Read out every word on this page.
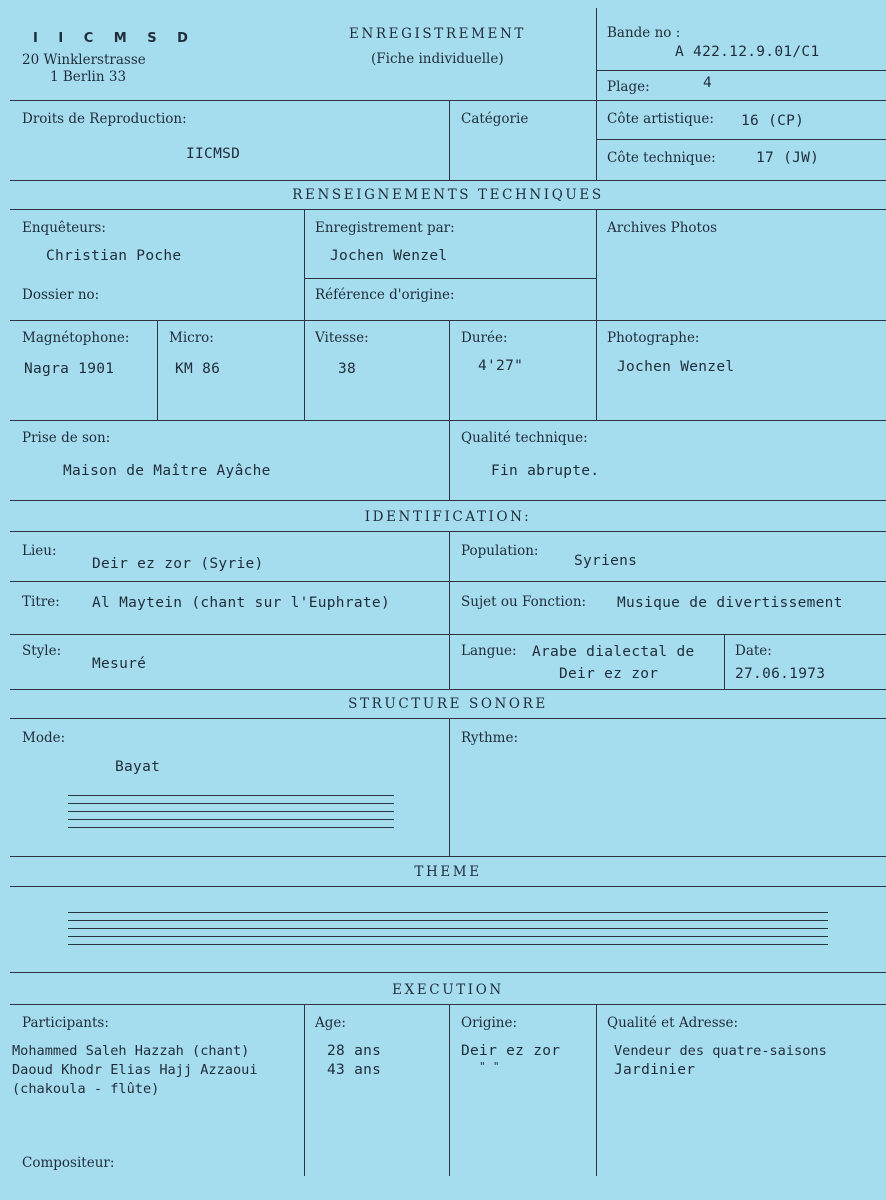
I I C M S D
20 Winklerstrasse
1 Berlin 33
ENREGISTREMENT
(Fiche individuelle)
Bande no :
A 422.12.9.01/C1
Plage:	4
Droits de Reproduction:
IICMSD
Catégorie	Côte artistique: 16 (CP)
Côte technique:	17 (JW)
RENSEIGNEMENTS TECHNIQUES
Enquêteurs:
Christian Poche
Enregistrement par:
Jochen Wenzel
Archives Photos
Dossier no:	Référence d'origine:
Magnétophone:
Nagra 1901
Micro:
KM 86
Vitesse:
38
Durée:
4'27"
Photographe:
Jochen Wenzel
Prise de son:
Maison de Maître Ayâche
Qualité technique:
Fin abrupte.
IDENTIFICATION:
Lieu:
Deir ez zor (Syrie)
Population:
Syriens
Titre: Al Maytein (chant sur l'Euphrate)	Sujet ou Fonction: Musique de divertissement
Style:
Mesuré
Langue: Arabe dialectal de
Deir ez zor
Date:
27.06.1973
STRUCTURE SONORE
Mode:
Bayat
Rythme:
THEME
EXECUTION
Participants:	Age:	Origine:	Qualité et Adresse:
Mohammed Saleh Hazzah (chant)	28 ans	Deir ez zor	Vendeur des quatre-saisons
Daoud Khodr Elias Hajj Azzaoui	43 ans	" "	Jardinier
(chakoula - flûte)
Compositeur:
